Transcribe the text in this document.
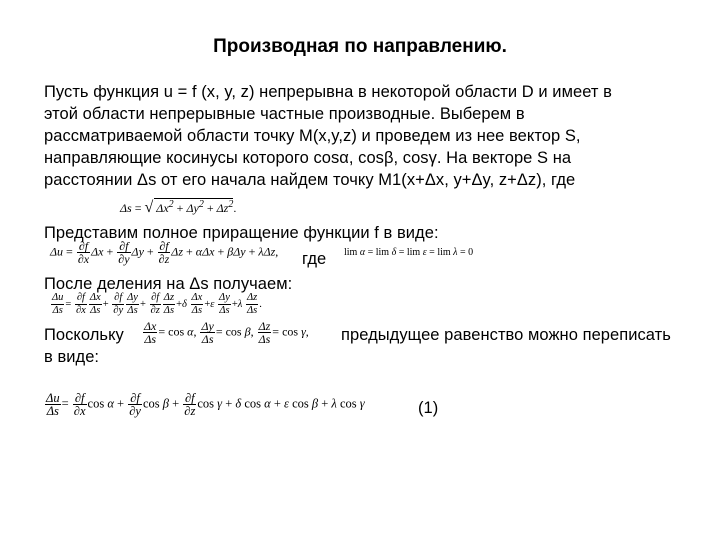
Производная по направлению.
Пусть функция u = f (x, y, z) непрерывна в некоторой области D и имеет в
этой области непрерывные частные производные. Выберем в
рассматриваемой области точку М(x,y,z) и проведем из нее вектор S,
направляющие косинусы которого cosα, cosβ, cosγ. На векторе S на
расстоянии Δs от его начала найдем точку М1(x+Δx, y+Δy, z+Δz), где
Δs = √ $\Delta x^2 + \Delta y^2 + \Delta z^2$.
Представим полное приращение функции f в виде:
$\Delta u = \frac{\partial f}{\partial x}$ $\Delta x + \frac{\partial f}{\partial y}$ $\Delta y + \frac{\partial f}{\partial z}$ Δz + αΔx + βΔy + λΔz, где lim α = lim δ = lim ε = lim λ = 0
После деления на Δs получаем:
$\frac{\Delta u}{\Delta s} = \frac{\partial f}{\partial x} \frac{\Delta x}{\Delta s} + \frac{\partial f}{\partial y} \frac{\Delta y}{\Delta s} + \frac{\partial f}{\partial z} \frac{\Delta z}{\Delta s} +\delta \frac{\Delta x}{\Delta s} +\varepsilon \frac{\Delta y}{\Delta s} +\lambda \frac{\Delta z}{\Delta s}$ .
Поскольку $\frac{\Delta x}{\Delta s} = \cos \alpha$, $\frac{\Delta y}{\Delta s} = \cos \beta$, $\frac{\Delta z}{\Delta s} = \cos \gamma$, предыдущее равенство можно переписать
в виде:
$\frac{\Delta u}{\Delta s} = \frac{\partial f}{\partial x}$ $\cos \alpha + \frac{\partial f}{\partial y}$ $\cos \beta + \frac{\partial f}{\partial z}$ cos γ + δ cos α + ε cos β + λ cos γ	(1)
